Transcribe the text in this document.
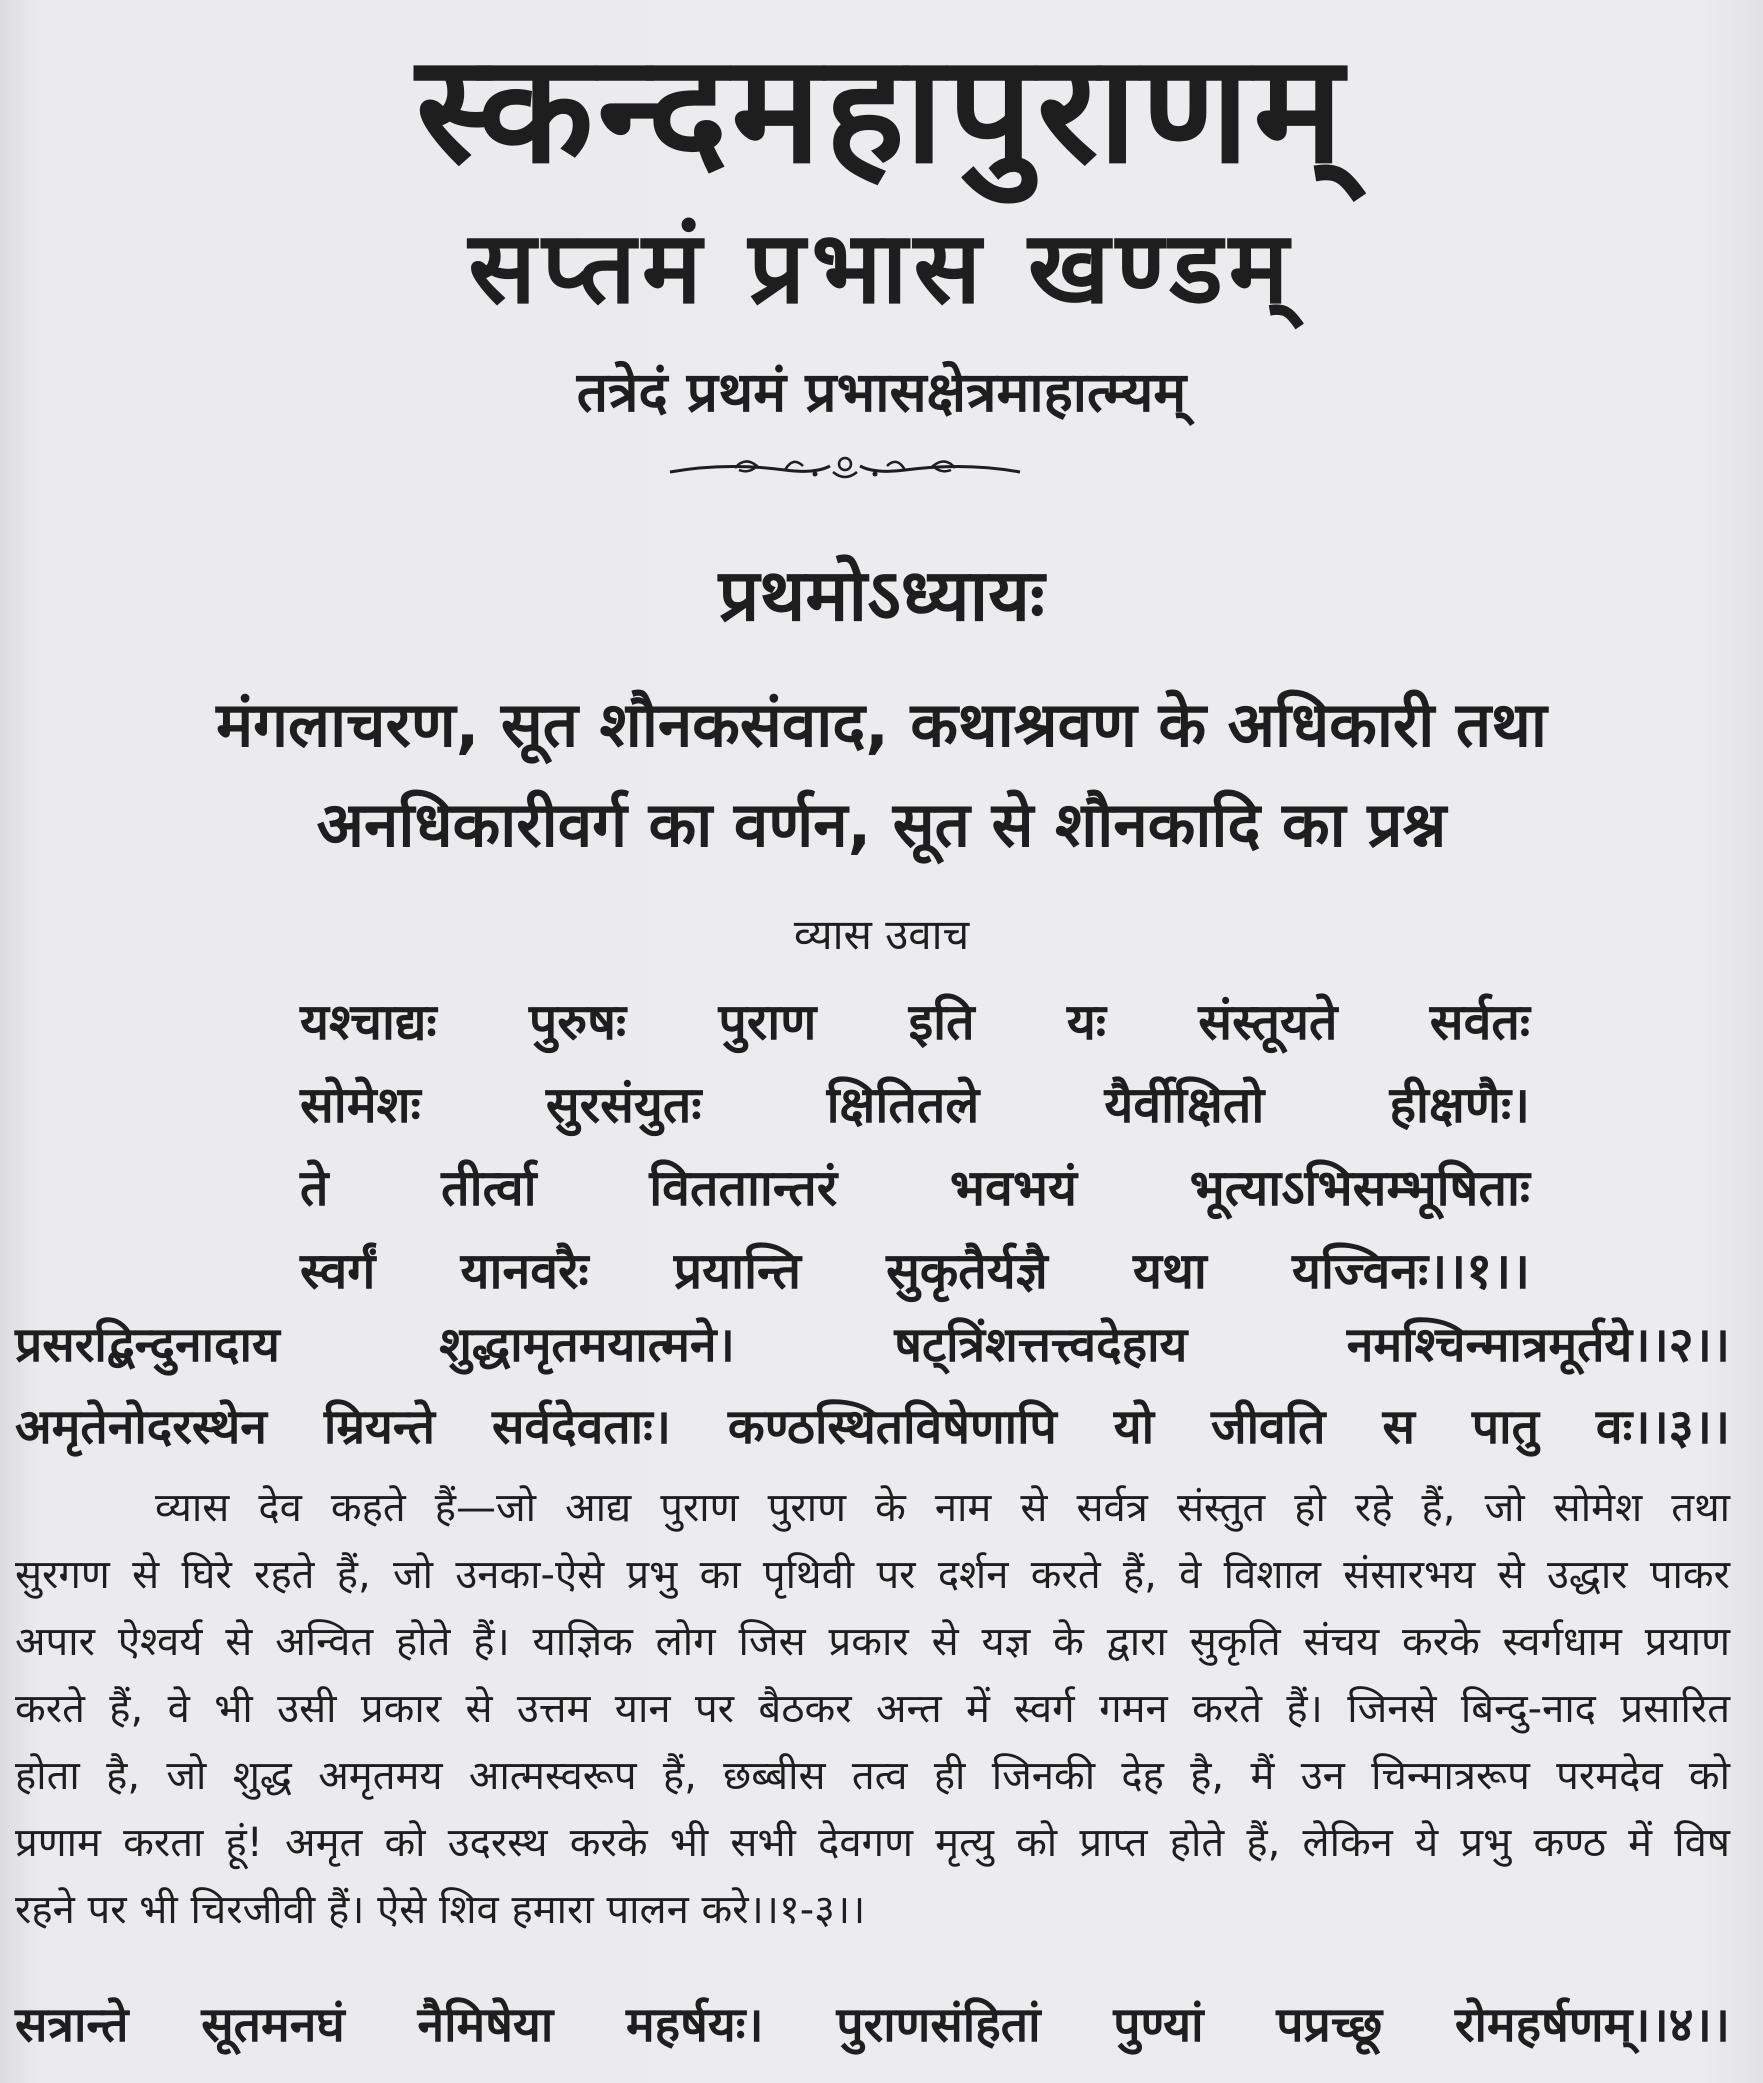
स्कन्दमहापुराणम्
सप्तमं प्रभास खण्डम्
तत्रेदं प्रथमं प्रभासक्षेत्रमाहात्म्यम्
प्रथमोऽध्यायः
मंगलाचरण, सूत शौनकसंवाद, कथाश्रवण के अधिकारी तथा
अनधिकारीवर्ग का वर्णन, सूत से शौनकादि का प्रश्न
व्यास उवाच
यश्चाद्यः पुरुषः पुराण इति यः संस्तूयते सर्वतः
सोमेशः सुरसंयुतः क्षितितले यैर्वीक्षितो हीक्षणैः।
ते तीर्त्वा वितताान्तरं भवभयं भूत्याऽभिसम्भूषिताः
स्वर्गं यानवरैः प्रयान्ति सुकृतैर्यज्ञै यथा यज्विनः।।१।।
प्रसरद्बिन्दुनादाय शुद्धामृतमयात्मने। षट्त्रिंशत्तत्त्वदेहाय नमश्चिन्मात्रमूर्तये।।२।।
अमृतेनोदरस्थेन म्रियन्ते सर्वदेवताः। कण्ठस्थितविषेणापि यो जीवति स पातु वः।।३।।
व्यास देव कहते हैं—जो आद्य पुराण पुराण के नाम से सर्वत्र संस्तुत हो रहे हैं, जो सोमेश तथा
सुरगण से घिरे रहते हैं, जो उनका-ऐसे प्रभु का पृथिवी पर दर्शन करते हैं, वे विशाल संसारभय से उद्धार पाकर
अपार ऐश्वर्य से अन्वित होते हैं। याज्ञिक लोग जिस प्रकार से यज्ञ के द्वारा सुकृति संचय करके स्वर्गधाम प्रयाण
करते हैं, वे भी उसी प्रकार से उत्तम यान पर बैठकर अन्त में स्वर्ग गमन करते हैं। जिनसे बिन्दु-नाद प्रसारित
होता है, जो शुद्ध अमृतमय आत्मस्वरूप हैं, छब्बीस तत्व ही जिनकी देह है, मैं उन चिन्मात्ररूप परमदेव को
प्रणाम करता हूं! अमृत को उदरस्थ करके भी सभी देवगण मृत्यु को प्राप्त होते हैं, लेकिन ये प्रभु कण्ठ में विष
रहने पर भी चिरजीवी हैं। ऐसे शिव हमारा पालन करे।।१-३।।
सत्रान्ते सूतमनघं नैमिषेया महर्षयः। पुराणसंहितां पुण्यां पप्रच्छू रोमहर्षणम्।।४।।
